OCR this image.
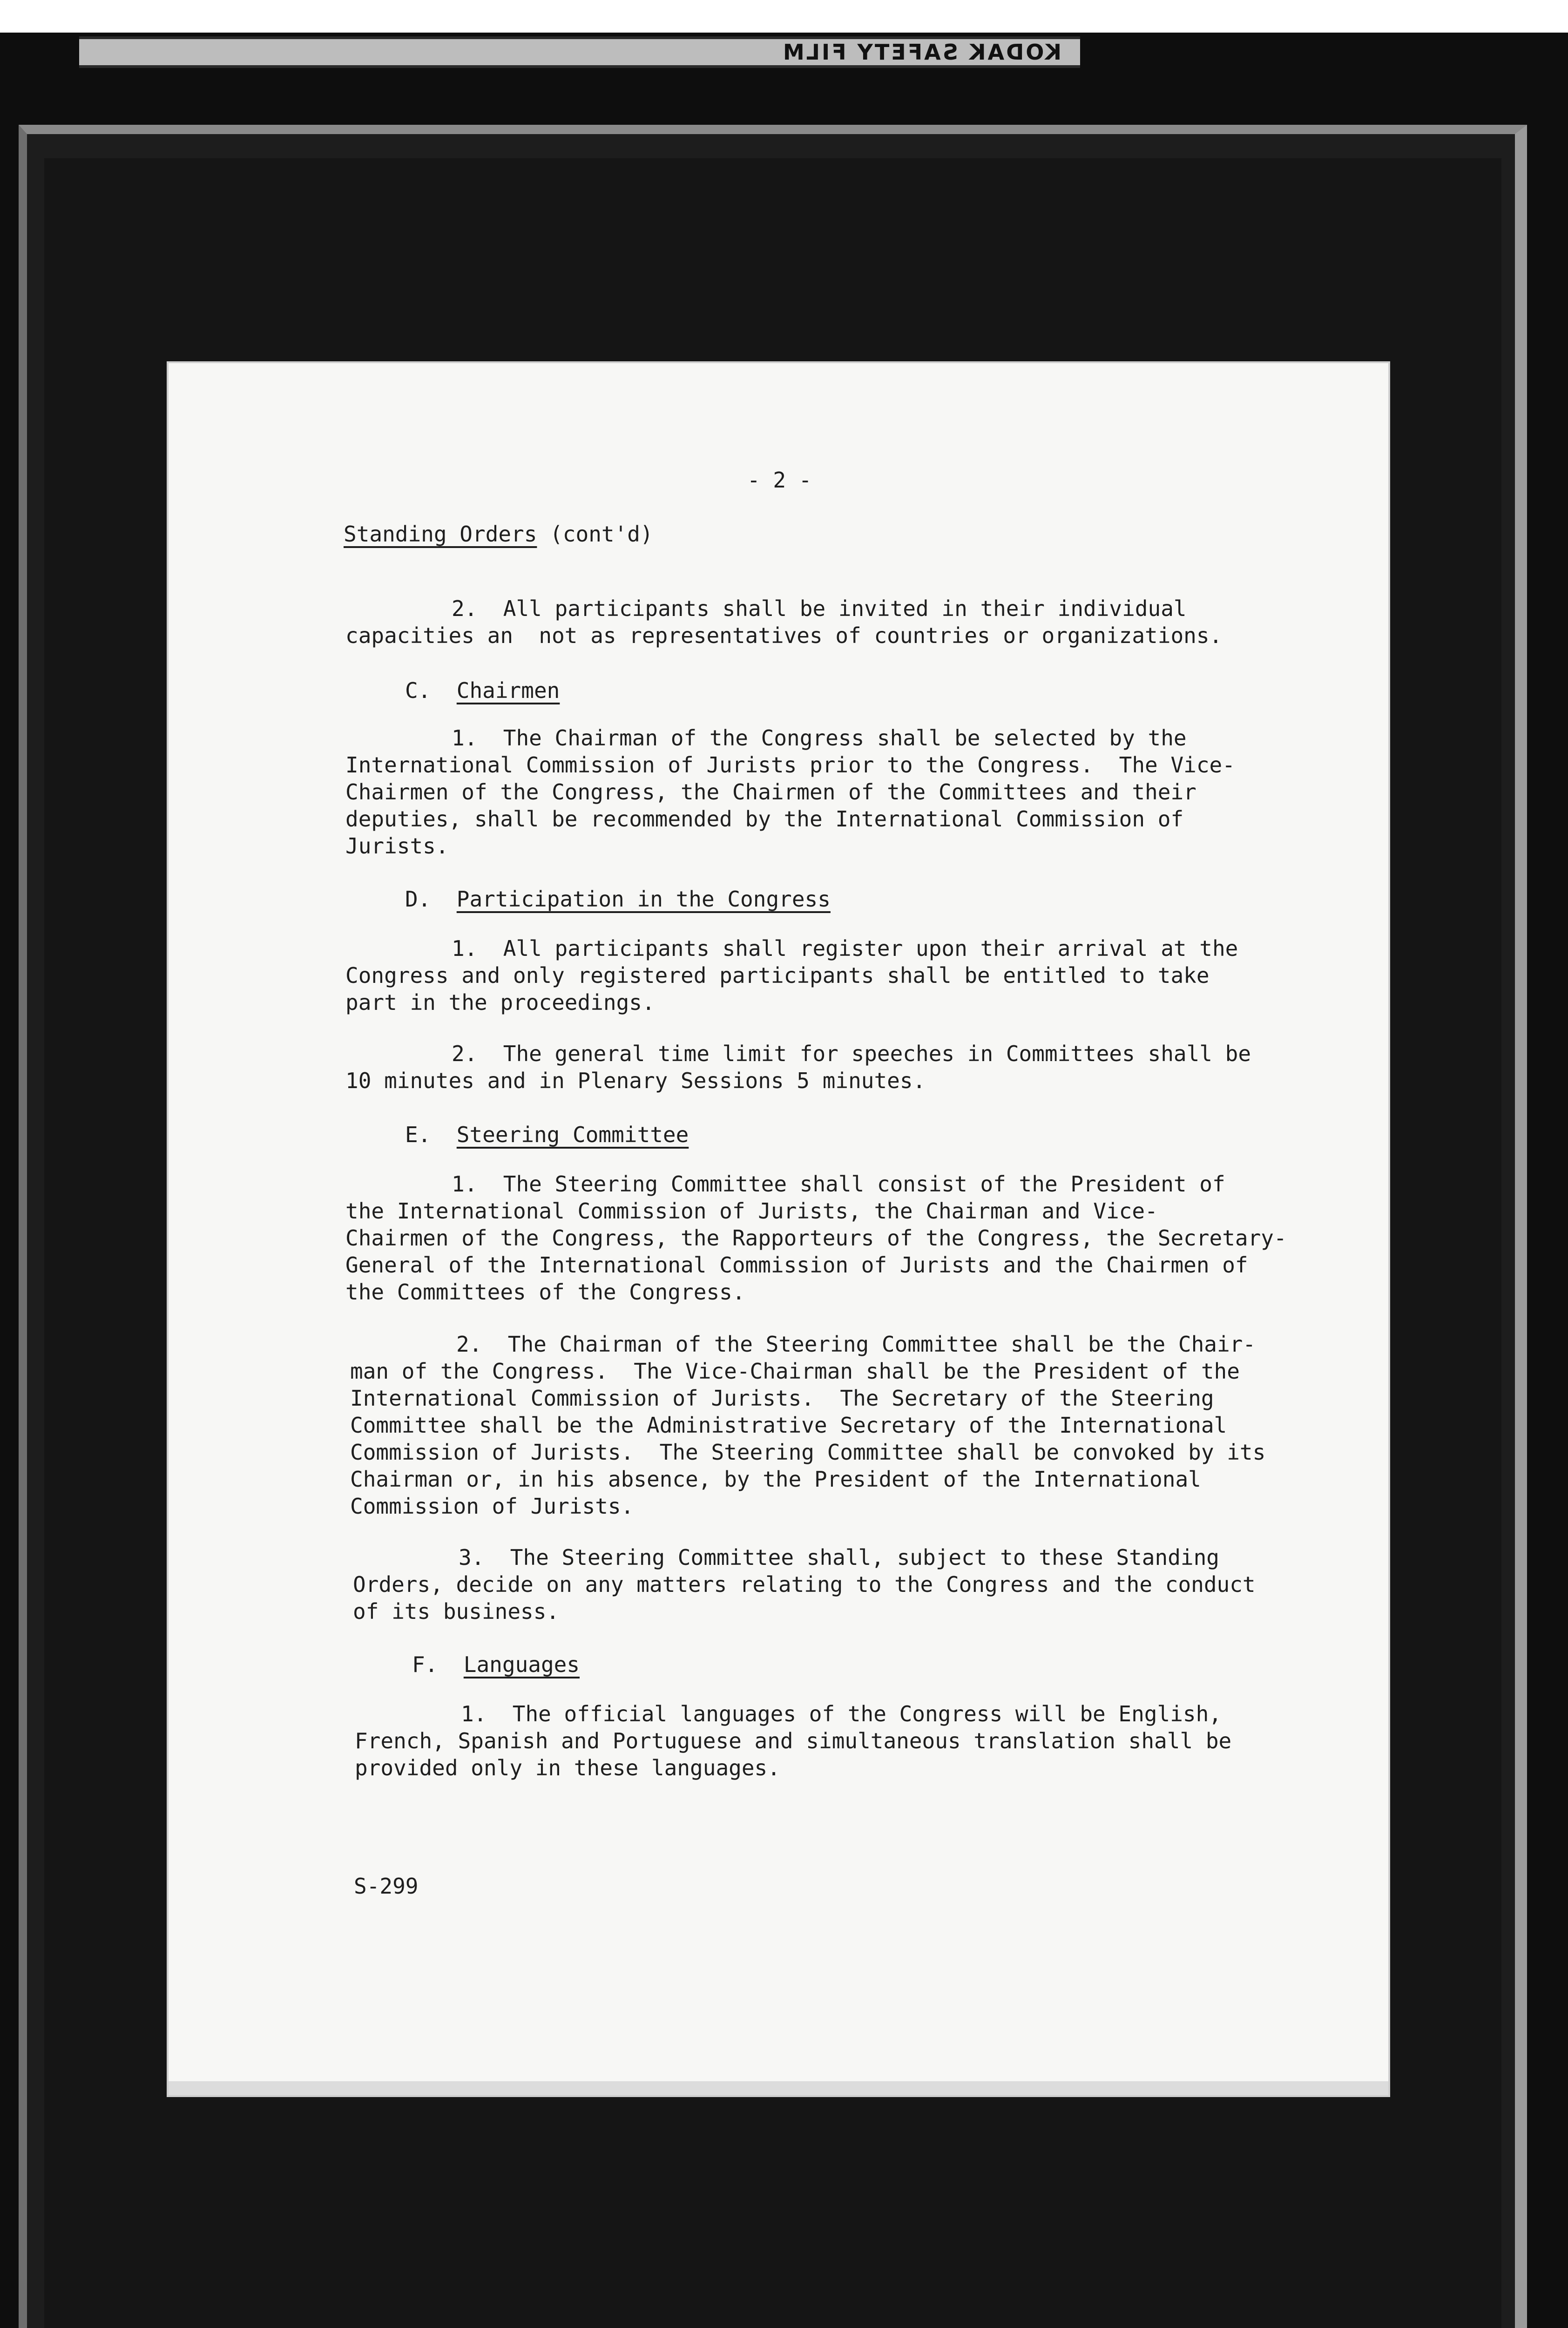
KODAK SAFETY FILM

- 2 -

Standing Orders (cont'd)

2.  All participants shall be invited in their individual

capacities an  not as representatives of countries or organizations.

C.  Chairmen

1.  The Chairman of the Congress shall be selected by the

International Commission of Jurists prior to the Congress.  The Vice-

Chairmen of the Congress, the Chairmen of the Committees and their

deputies, shall be recommended by the International Commission of

Jurists.

D.  Participation in the Congress

1.  All participants shall register upon their arrival at the

Congress and only registered participants shall be entitled to take

part in the proceedings.

2.  The general time limit for speeches in Committees shall be

10 minutes and in Plenary Sessions 5 minutes.

E.  Steering Committee

1.  The Steering Committee shall consist of the President of

the International Commission of Jurists, the Chairman and Vice-

Chairmen of the Congress, the Rapporteurs of the Congress, the Secretary-

General of the International Commission of Jurists and the Chairmen of

the Committees of the Congress.

2.  The Chairman of the Steering Committee shall be the Chair-

man of the Congress.  The Vice-Chairman shall be the President of the

International Commission of Jurists.  The Secretary of the Steering

Committee shall be the Administrative Secretary of the International

Commission of Jurists.  The Steering Committee shall be convoked by its

Chairman or, in his absence, by the President of the International

Commission of Jurists.

3.  The Steering Committee shall, subject to these Standing

Orders, decide on any matters relating to the Congress and the conduct

of its business.

F.  Languages

1.  The official languages of the Congress will be English,

French, Spanish and Portuguese and simultaneous translation shall be

provided only in these languages.

S-299
